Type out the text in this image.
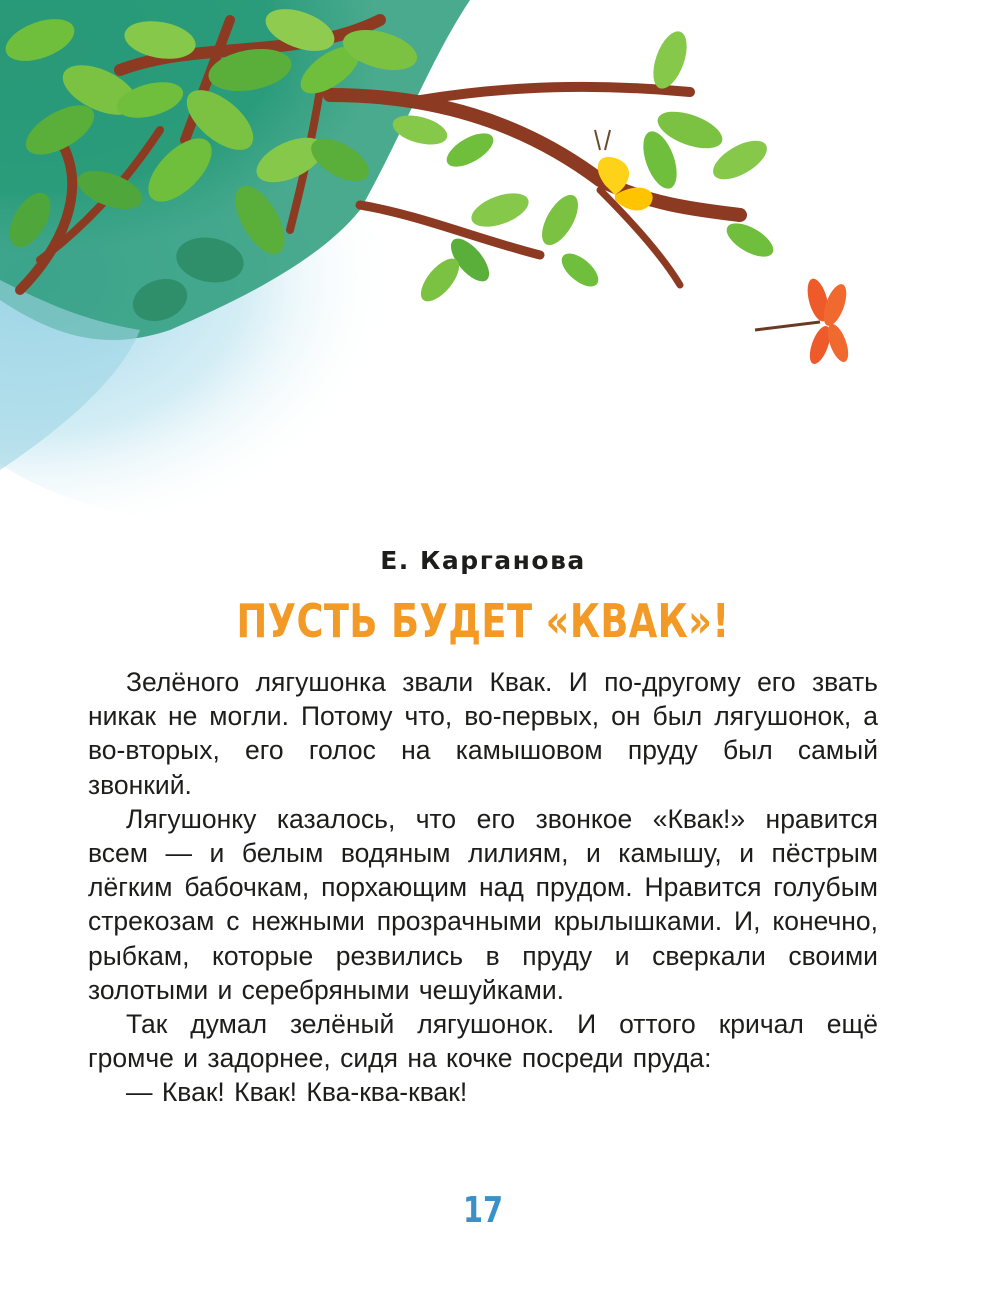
Е. Карганова
ПУСТЬ БУДЕТ «КВАК»!

Зелёного лягушонка звали Квак. И по-другому его звать никак не могли. Потому что, во-первых, он был лягушонок, а во-вторых, его голос на камышовом пруду был самый звонкий.

Лягушонку казалось, что его звонкое «Квак!» нравится всем — и белым водяным лилиям, и камышу, и пёстрым лёгким бабочкам, порхающим над прудом. Нравится голубым стрекозам с нежными прозрачными крылышками. И, конечно, рыбкам, которые резвились в пруду и сверкали своими золотыми и серебряными чешуйками.

Так думал зелёный лягушонок. И оттого кричал ещё громче и задорнее, сидя на кочке посреди пруда:

— Квак! Квак! Ква-ква-квак!

17
